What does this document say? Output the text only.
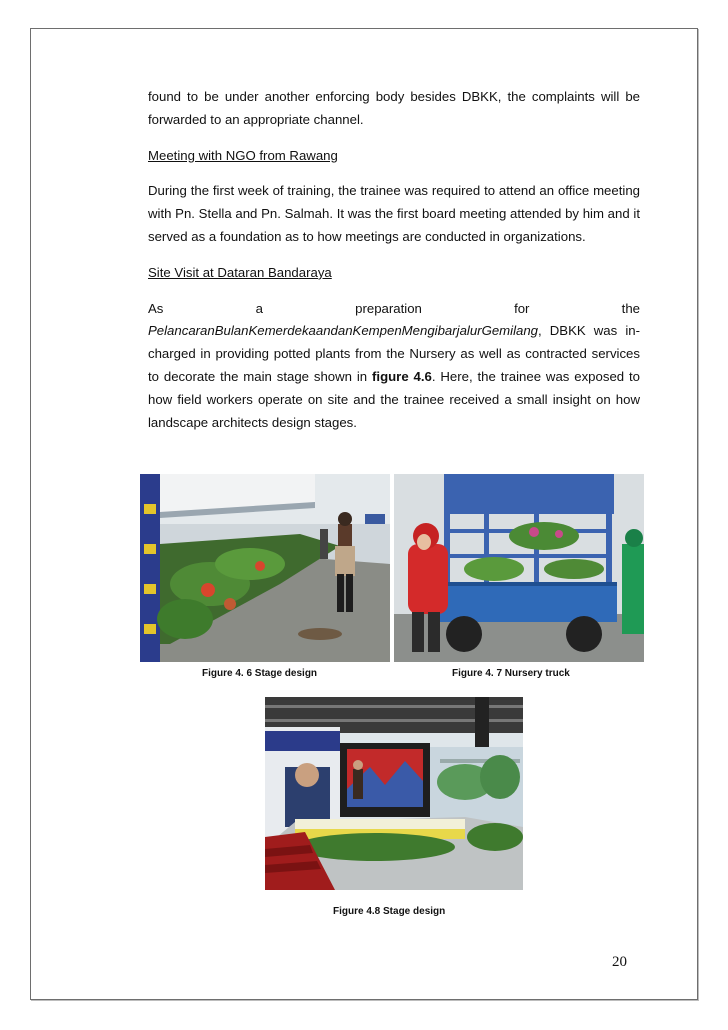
found to be under another enforcing body besides DBKK, the complaints will be forwarded to an appropriate channel.

Meeting with NGO from Rawang

During the first week of training, the trainee was required to attend an office meeting with Pn. Stella and Pn. Salmah. It was the first board meeting attended by him and it served as a foundation as to how meetings are conducted in organizations.

Site Visit at Dataran Bandaraya

As	a	preparation	for	the

PelancaranBulanKemerdekaandanKempenMengibarjalurGemilang, DBKK was in-charged in providing potted plants from the Nursery as well as contracted services to decorate the main stage shown in figure 4.6. Here, the trainee was exposed to how field workers operate on site and the trainee received a small insight on how landscape architects design stages.

Figure 4. 6 Stage design	Figure 4. 7 Nursery truck
Figure 4.8 Stage design
20
